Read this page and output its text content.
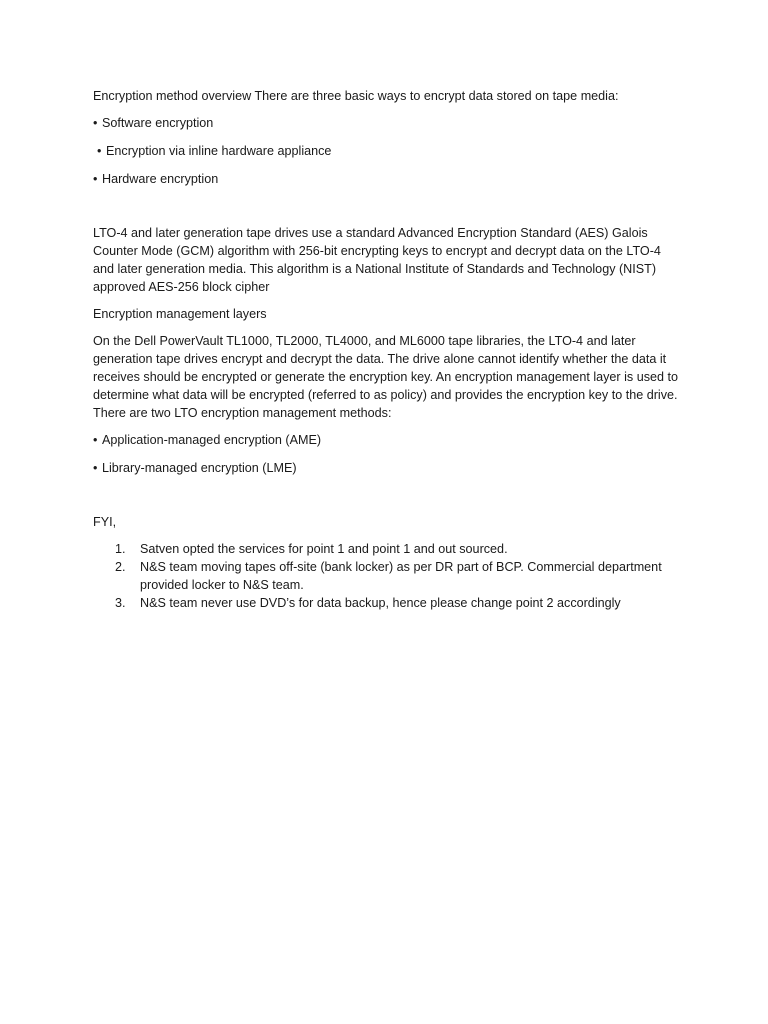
Encryption method overview There are three basic ways to encrypt data stored on tape media:

• Software encryption
• Encryption via inline hardware appliance
• Hardware encryption

LTO-4 and later generation tape drives use a standard Advanced Encryption Standard (AES) Galois Counter Mode (GCM) algorithm with 256-bit encrypting keys to encrypt and decrypt data on the LTO-4 and later generation media. This algorithm is a National Institute of Standards and Technology (NIST) approved AES-256 block cipher

Encryption management layers

On the Dell PowerVault TL1000, TL2000, TL4000, and ML6000 tape libraries, the LTO-4 and later generation tape drives encrypt and decrypt the data. The drive alone cannot identify whether the data it receives should be encrypted or generate the encryption key. An encryption management layer is used to determine what data will be encrypted (referred to as policy) and provides the encryption key to the drive. There are two LTO encryption management methods:

• Application-managed encryption (AME)
• Library-managed encryption (LME)
FYI,
1.	Satven opted the services for point 1 and point 1 and out sourced.
2.	N&S team moving tapes off-site (bank locker) as per DR part of BCP. Commercial department provided locker to N&S team.
3.	N&S team never use DVD’s for data backup, hence please change point 2 accordingly
